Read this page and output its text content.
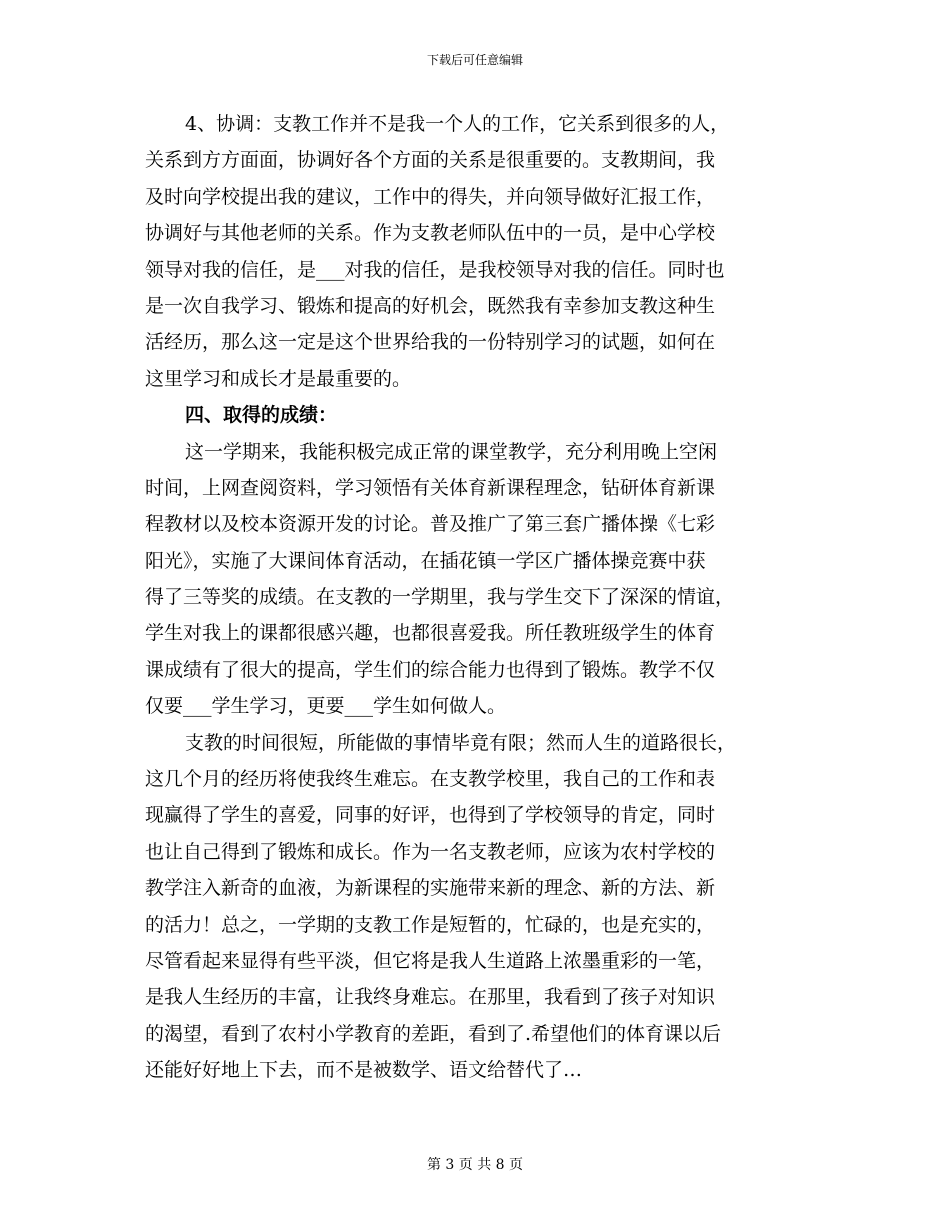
下载后可任意编辑
4、协调：支教工作并不是我一个人的工作，它关系到很多的人，
关系到方方面面，协调好各个方面的关系是很重要的。支教期间，我
及时向学校提出我的建议，工作中的得失，并向领导做好汇报工作，
协调好与其他老师的关系。作为支教老师队伍中的一员，是中心学校
领导对我的信任，是___对我的信任，是我校领导对我的信任。同时也
是一次自我学习、锻炼和提高的好机会，既然我有幸参加支教这种生
活经历，那么这一定是这个世界给我的一份特别学习的试题，如何在
这里学习和成长才是最重要的。
四、取得的成绩：
这一学期来，我能积极完成正常的课堂教学，充分利用晚上空闲
时间，上网查阅资料，学习领悟有关体育新课程理念，钻研体育新课
程教材以及校本资源开发的讨论。普及推广了第三套广播体操《七彩
阳光》，实施了大课间体育活动，在插花镇一学区广播体操竞赛中获
得了三等奖的成绩。在支教的一学期里，我与学生交下了深深的情谊，
学生对我上的课都很感兴趣，也都很喜爱我。所任教班级学生的体育
课成绩有了很大的提高，学生们的综合能力也得到了锻炼。教学不仅
仅要___学生学习，更要___学生如何做人。
支教的时间很短，所能做的事情毕竟有限；然而人生的道路很长，
这几个月的经历将使我终生难忘。在支教学校里，我自己的工作和表
现赢得了学生的喜爱，同事的好评，也得到了学校领导的肯定，同时
也让自己得到了锻炼和成长。作为一名支教老师，应该为农村学校的
教学注入新奇的血液，为新课程的实施带来新的理念、新的方法、新
的活力！总之，一学期的支教工作是短暂的，忙碌的，也是充实的，
尽管看起来显得有些平淡，但它将是我人生道路上浓墨重彩的一笔，
是我人生经历的丰富，让我终身难忘。在那里，我看到了孩子对知识
的渴望，看到了农村小学教育的差距，看到了.希望他们的体育课以后
还能好好地上下去，而不是被数学、语文给替代了…
第 3 页 共 8 页
